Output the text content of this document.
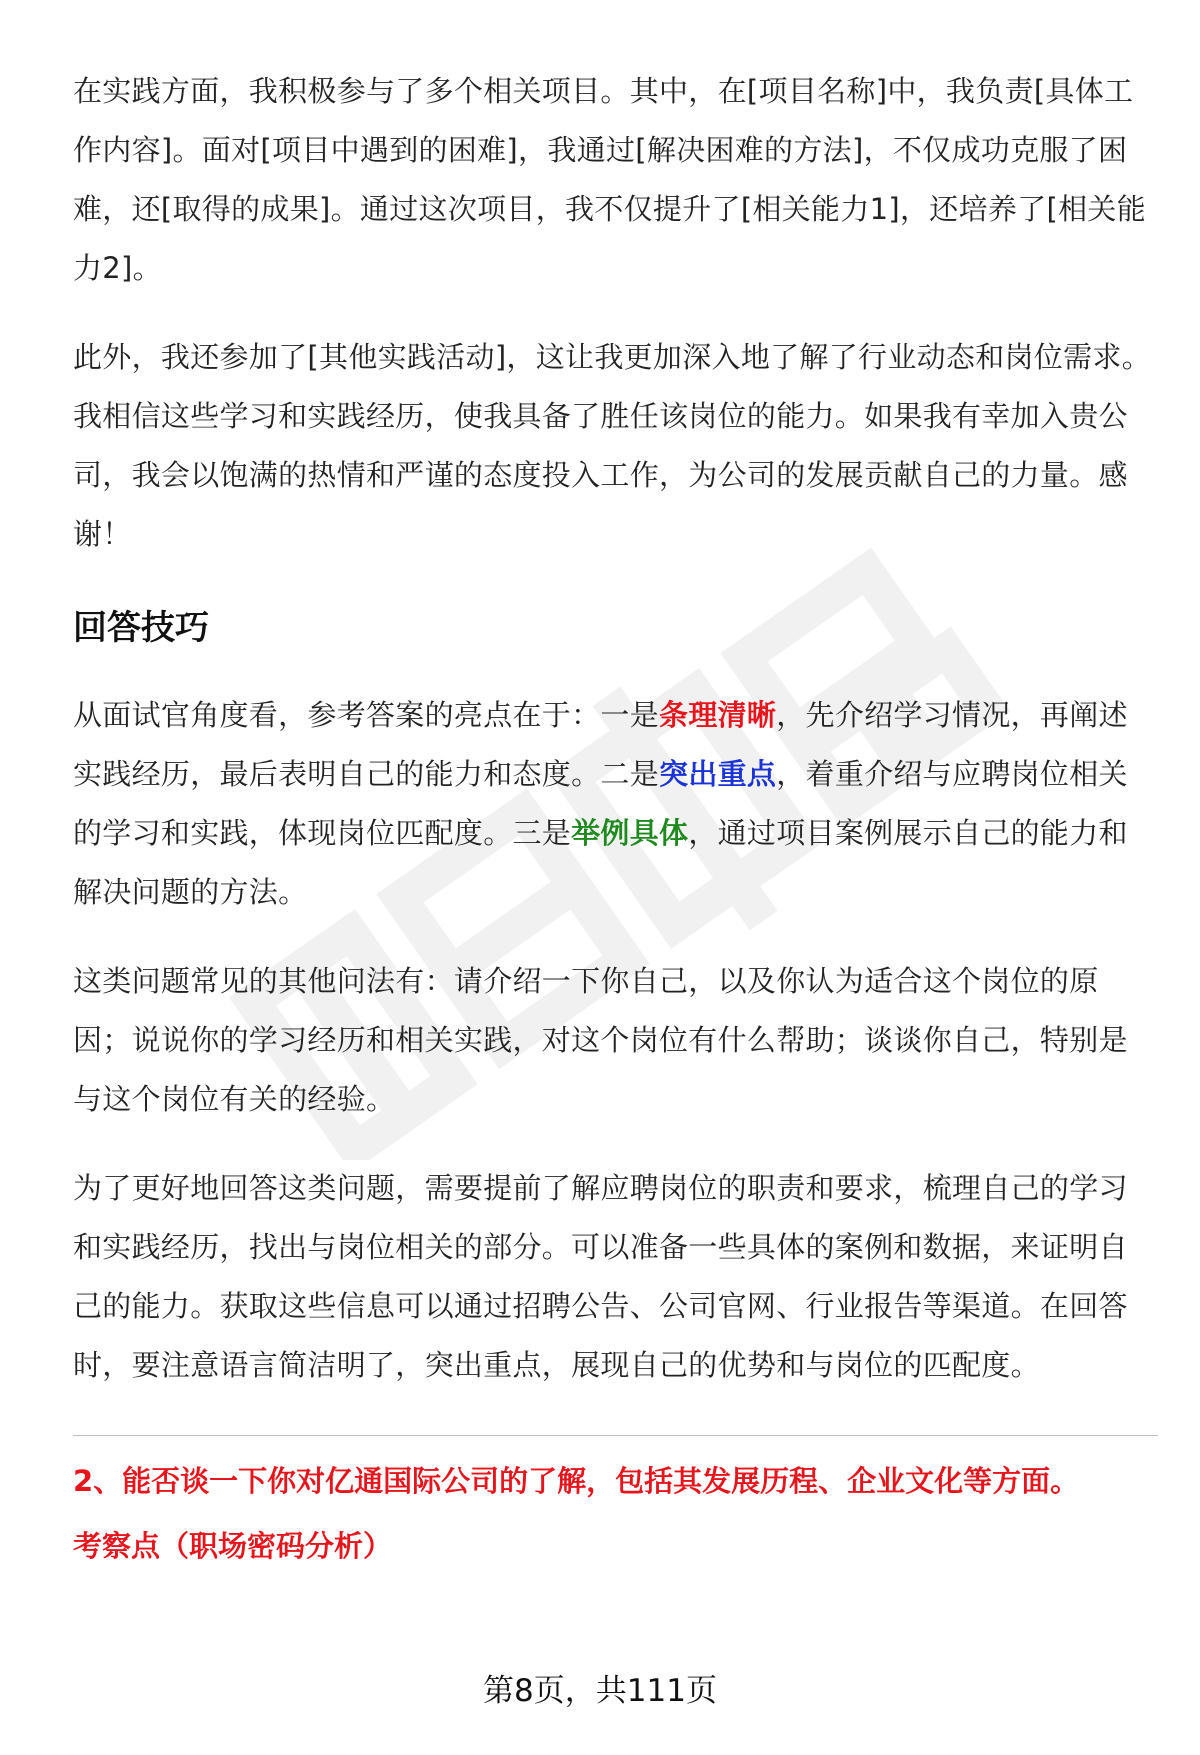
在实践方面，我积极参与了多个相关项目。其中，在[项目名称]中，我负责[具体工作内容]。面对[项目中遇到的困难]，我通过[解决困难的方法]，不仅成功克服了困难，还[取得的成果]。通过这次项目，我不仅提升了[相关能力1]，还培养了[相关能力2]。

此外，我还参加了[其他实践活动]，这让我更加深入地了解了行业动态和岗位需求。我相信这些学习和实践经历，使我具备了胜任该岗位的能力。如果我有幸加入贵公司，我会以饱满的热情和严谨的态度投入工作，为公司的发展贡献自己的力量。感谢！

回答技巧

从面试官角度看，参考答案的亮点在于：一是条理清晰，先介绍学习情况，再阐述实践经历，最后表明自己的能力和态度。二是突出重点，着重介绍与应聘岗位相关的学习和实践，体现岗位匹配度。三是举例具体，通过项目案例展示自己的能力和解决问题的方法。

这类问题常见的其他问法有：请介绍一下你自己，以及你认为适合这个岗位的原因；说说你的学习经历和相关实践，对这个岗位有什么帮助；谈谈你自己，特别是与这个岗位有关的经验。

为了更好地回答这类问题，需要提前了解应聘岗位的职责和要求，梳理自己的学习和实践经历，找出与岗位相关的部分。可以准备一些具体的案例和数据，来证明自己的能力。获取这些信息可以通过招聘公告、公司官网、行业报告等渠道。在回答时，要注意语言简洁明了，突出重点，展现自己的优势和与岗位的匹配度。

2、能否谈一下你对亿通国际公司的了解，包括其发展历程、企业文化等方面。

考察点（职场密码分析）

第8页，共111页
